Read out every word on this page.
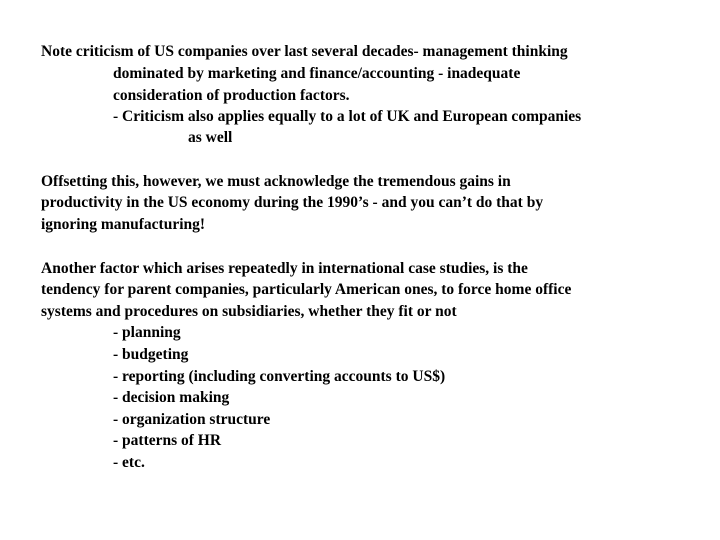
Note criticism of US companies over last several decades- management thinking
dominated by marketing and finance/accounting - inadequate
consideration of production factors.
- Criticism also applies equally to a lot of UK and European companies
as well
Offsetting this, however, we must acknowledge the tremendous gains in
productivity in the US economy during the 1990’s - and you can’t do that by
ignoring manufacturing!
Another factor which arises repeatedly in international case studies, is the
tendency for parent companies, particularly American ones, to force home office
systems and procedures on subsidiaries, whether they fit or not
- planning
- budgeting
- reporting (including converting accounts to US$)
- decision making
- organization structure
- patterns of HR
- etc.
